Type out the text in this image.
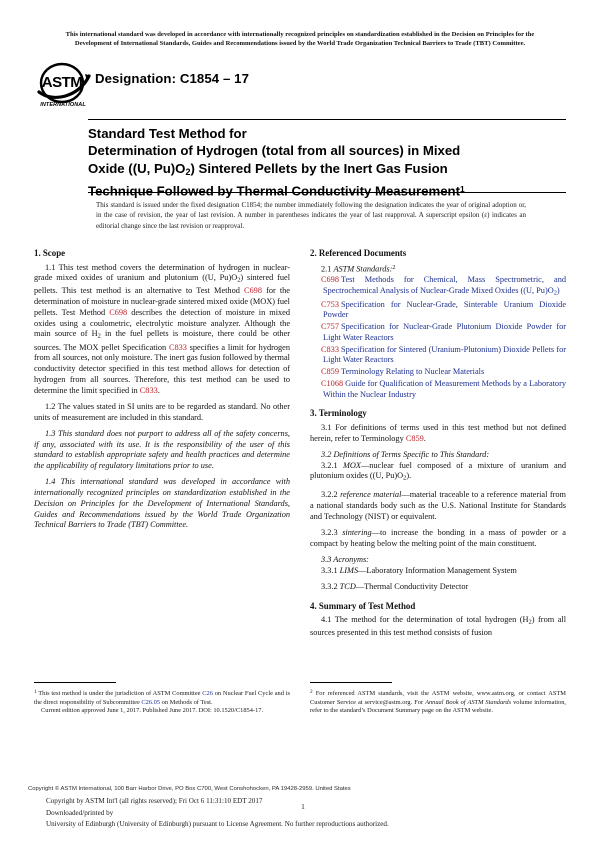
This international standard was developed in accordance with internationally recognized principles on standardization established in the Decision on Principles for the
Development of International Standards, Guides and Recommendations issued by the World Trade Organization Technical Barriers to Trade (TBT) Committee.
ASTM
INTERNATIONAL
Designation: C1854 – 17
Standard Test Method for
Determination of Hydrogen (total from all sources) in Mixed
Oxide ((U, $Pu)O_2$) Sintered Pellets by the Inert Gas Fusion
Technique Followed by Thermal Conductivity Measurement$^1$
This standard is issued under the fixed designation C1854; the number immediately following the designation indicates the year of original adoption or, in the case of revision, the year of last revision. A number in parentheses indicates the year of last reapproval. A superscript epsilon (ε) indicates an editorial change since the last revision or reapproval.
1. Scope

1.1 This test method covers the determination of hydrogen in nuclear-grade mixed oxides of uranium and plutonium ((U, $Pu)O_2$) sintered fuel pellets. This test method is an alternative to Test Method C698 for the determination of moisture in nuclear-grade sintered mixed oxide (MOX) fuel pellets. Test Method C698 describes the detection of moisture in mixed oxides using a coulometric, electrolytic moisture analyzer. Although the main source of $H_2$ in the fuel pellets is moisture, there could be other sources. The MOX pellet Specification C833 specifies a limit for hydrogen from all sources, not only moisture. The inert gas fusion followed by thermal conductivity detector specified in this test method allows for detection of hydrogen from all sources. Therefore, this test method can be used to determine the limit specified in C833.

1.2 The values stated in SI units are to be regarded as standard. No other units of measurement are included in this standard.

1.3 This standard does not purport to address all of the safety concerns, if any, associated with its use. It is the responsibility of the user of this standard to establish appropriate safety and health practices and determine the applicability of regulatory limitations prior to use.

1.4 This international standard was developed in accordance with internationally recognized principles on standardization established in the Decision on Principles for the Development of International Standards, Guides and Recommendations issued by the World Trade Organization Technical Barriers to Trade (TBT) Committee.

2. Referenced Documents

2.1 ASTM Standards:$^2$

C698 Test Methods for Chemical, Mass Spectrometric, and Spectrochemical Analysis of Nuclear-Grade Mixed Oxides ((U, $Pu)O_2$)

C753 Specification for Nuclear-Grade, Sinterable Uranium Dioxide Powder

C757 Specification for Nuclear-Grade Plutonium Dioxide Powder for Light Water Reactors

C833 Specification for Sintered (Uranium-Plutonium) Dioxide Pellets for Light Water Reactors

C859 Terminology Relating to Nuclear Materials

C1068 Guide for Qualification of Measurement Methods by a Laboratory Within the Nuclear Industry

3. Terminology

3.1 For definitions of terms used in this test method but not defined herein, refer to Terminology C859.

3.2 Definitions of Terms Specific to This Standard:

3.2.1 MOX—nuclear fuel composed of a mixture of uranium and plutonium oxides ((U, $Pu)O_2$).

3.2.2 reference material—material traceable to a reference material from a national standards body such as the U.S. National Institute for Standards and Technology (NIST) or equivalent.

3.2.3 sintering—to increase the bonding in a mass of powder or a compact by heating below the melting point of the main constituent.

3.3 Acronyms:

3.3.1 LIMS—Laboratory Information Management System

3.3.2 TCD—Thermal Conductivity Detector

4. Summary of Test Method

4.1 The method for the determination of total hydrogen $(H_2)$ from all sources presented in this test method consists of fusion

$^1$ This test method is under the jurisdiction of ASTM Committee C26 on Nuclear Fuel Cycle and is the direct responsibility of Subcommittee C26.05 on Methods of Test.

Current edition approved June 1, 2017. Published June 2017. DOI: 10.1520/C1854-17.

$^2$ For referenced ASTM standards, visit the ASTM website, www.astm.org, or contact ASTM Customer Service at service@astm.org. For Annual Book of ASTM Standards volume information, refer to the standard’s Document Summary page on the ASTM website.

Copyright © ASTM International, 100 Barr Harbor Drive, PO Box C700, West Conshohocken, PA 19428-2959. United States
Copyright by ASTM Int'l (all rights reserved); Fri Oct 6 11:31:10 EDT 2017
Downloaded/printed by
University of Edinburgh (University of Edinburgh) pursuant to License Agreement. No further reproductions authorized.
1
